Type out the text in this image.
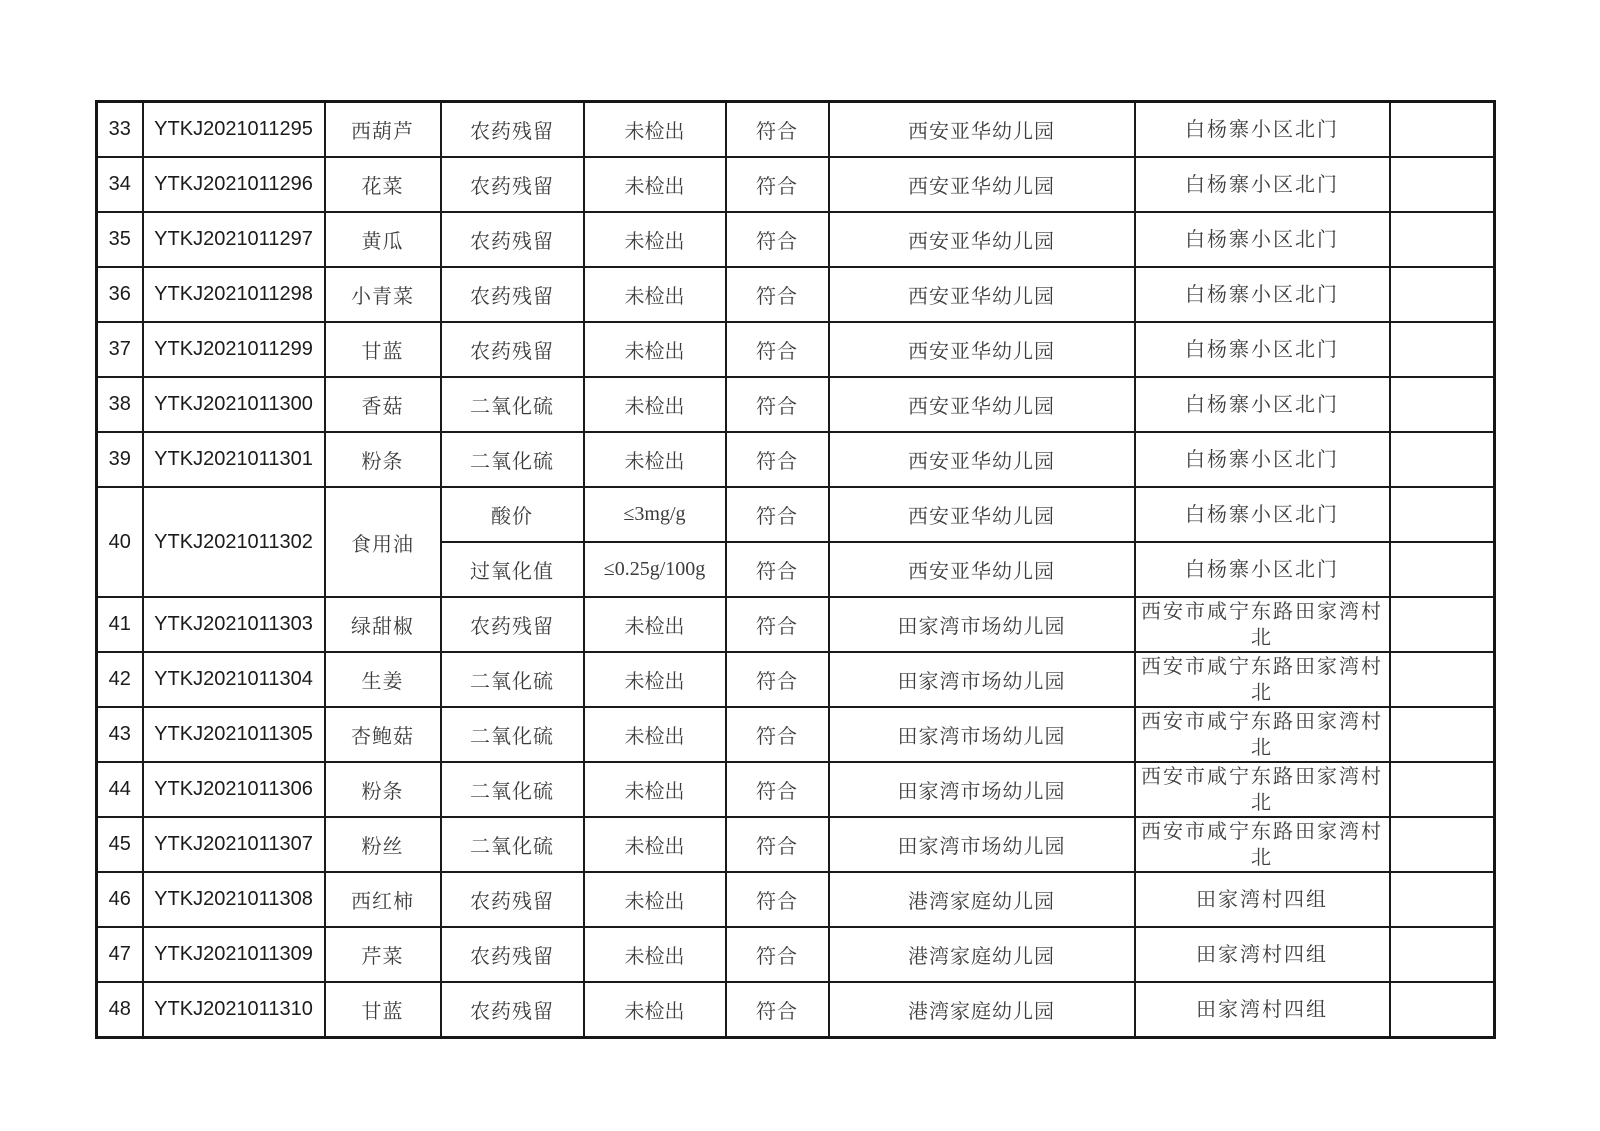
33	YTKJ2021011295	西葫芦	农药残留	未检出	符合	西安亚华幼儿园	白杨寨小区北门	
34	YTKJ2021011296	花菜	农药残留	未检出	符合	西安亚华幼儿园	白杨寨小区北门	
35	YTKJ2021011297	黄瓜	农药残留	未检出	符合	西安亚华幼儿园	白杨寨小区北门	
36	YTKJ2021011298	小青菜	农药残留	未检出	符合	西安亚华幼儿园	白杨寨小区北门	
37	YTKJ2021011299	甘蓝	农药残留	未检出	符合	西安亚华幼儿园	白杨寨小区北门	
38	YTKJ2021011300	香菇	二氧化硫	未检出	符合	西安亚华幼儿园	白杨寨小区北门	
39	YTKJ2021011301	粉条	二氧化硫	未检出	符合	西安亚华幼儿园	白杨寨小区北门	
40	YTKJ2021011302	食用油	酸价	≤3mg/g	符合	西安亚华幼儿园	白杨寨小区北门	
			过氧化值	≤0.25g/100g	符合	西安亚华幼儿园	白杨寨小区北门	
41	YTKJ2021011303	绿甜椒	农药残留	未检出	符合	田家湾市场幼儿园	西安市咸宁东路田家湾村北	
42	YTKJ2021011304	生姜	二氧化硫	未检出	符合	田家湾市场幼儿园	西安市咸宁东路田家湾村北	
43	YTKJ2021011305	杏鲍菇	二氧化硫	未检出	符合	田家湾市场幼儿园	西安市咸宁东路田家湾村北	
44	YTKJ2021011306	粉条	二氧化硫	未检出	符合	田家湾市场幼儿园	西安市咸宁东路田家湾村北	
45	YTKJ2021011307	粉丝	二氧化硫	未检出	符合	田家湾市场幼儿园	西安市咸宁东路田家湾村北	
46	YTKJ2021011308	西红柿	农药残留	未检出	符合	港湾家庭幼儿园	田家湾村四组	
47	YTKJ2021011309	芹菜	农药残留	未检出	符合	港湾家庭幼儿园	田家湾村四组	
48	YTKJ2021011310	甘蓝	农药残留	未检出	符合	港湾家庭幼儿园	田家湾村四组	
